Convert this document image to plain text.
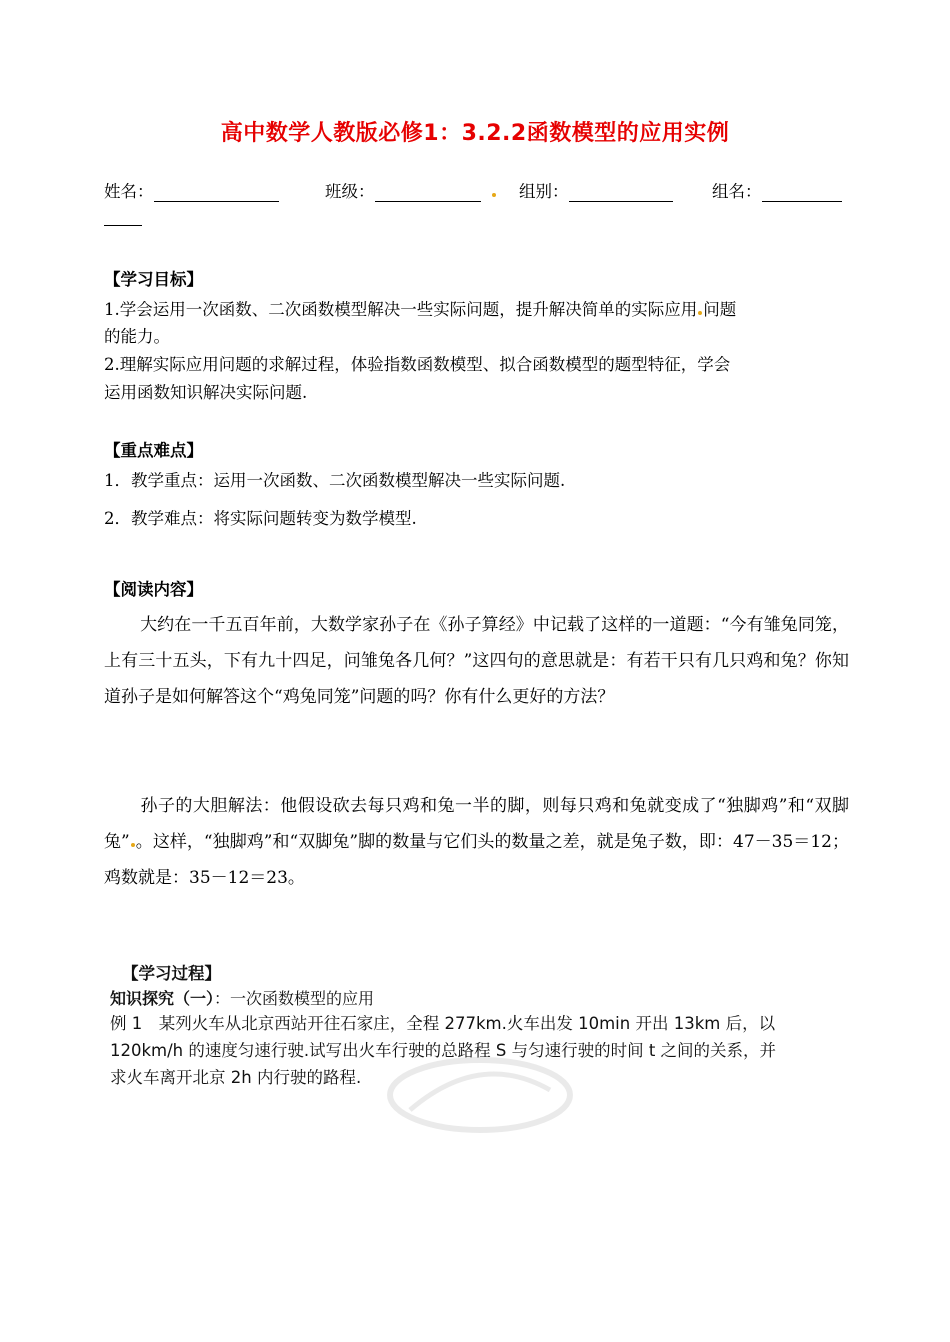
高中数学人教版必修1：3.2.2函数模型的应用实例
姓名：	班级：	组别：	组名：
【学习目标】
1.学会运用一次函数、二次函数模型解决一些实际问题，提升解决简单的实际应用 问题
的能力。
2.理解实际应用问题的求解过程，体验指数函数模型、拟合函数模型的题型特征，学会
运用函数知识解决实际问题.
【重点难点】
1．教学重点：运用一次函数、二次函数模型解决一些实际问题.
2．教学难点：将实际问题转变为数学模型.
【阅读内容】
大约在一千五百年前，大数学家孙子在《孙子算经》中记载了这样的一道题：“今有雏兔同笼，上有三十五头，下有九十四足，问雏兔各几何？”这四句的意思就是：有若干只有几只鸡和兔？你知道孙子是如何解答这个“鸡兔同笼”问题的吗？你有什么更好的方法？
孙子的大胆解法：他假设砍去每只鸡和兔一半的脚，则每只鸡和兔就变成了“独脚鸡”和“双脚兔” 。这样，“独脚鸡”和“双脚兔”脚的数量与它们头的数量之差，就是兔子数，即：47－35＝12；鸡数就是：35－12＝23。
【学习过程】
知识探究（一）：一次函数模型的应用
例 1　某列火车从北京西站开往石家庄，全程 277km.火车出发 10min 开出 13km 后，以
120km/h 的速度匀速行驶.试写出火车行驶的总路程 S 与匀速行驶的时间 t 之间的关系，并
求火车离开北京 2h 内行驶的路程.
